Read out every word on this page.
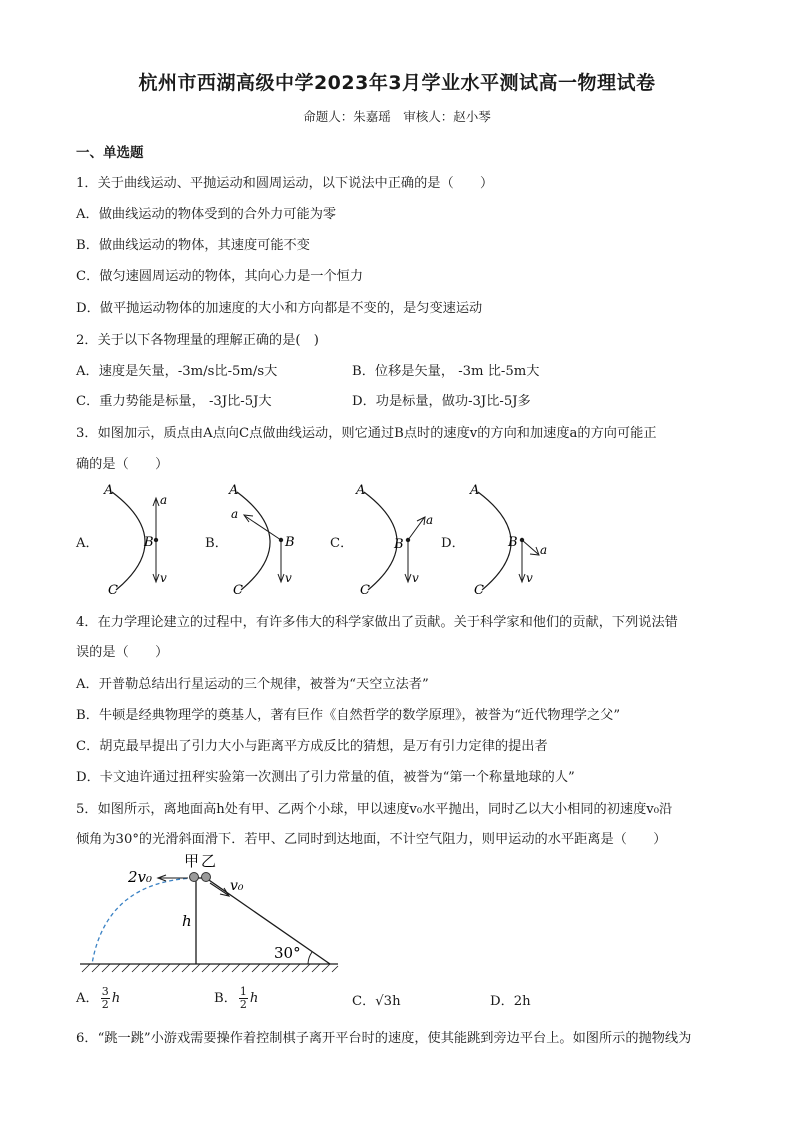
杭州市西湖高级中学2023年3月学业水平测试高一物理试卷
命题人：朱嘉瑶　审核人：赵小琴
一、单选题
1．关于曲线运动、平抛运动和圆周运动，以下说法中正确的是（　　）
A．做曲线运动的物体受到的合外力可能为零
B．做曲线运动的物体，其速度可能不变
C．做匀速圆周运动的物体，其向心力是一个恒力
D．做平抛运动物体的加速度的大小和方向都是不变的，是匀变速运动
2．关于以下各物理量的理解正确的是(　)
A．速度是矢量，-3m/s比-5m/s大	B．位移是矢量， -3m 比-5m大
C．重力势能是标量， -3J比-5J大	D．功是标量，做功-3J比-5J多
3．如图加示，质点由A点向C点做曲线运动，则它通过B点时的速度v的方向和加速度a的方向可能正
确的是（　　）
A．	B．	C．	D．
A
B
C
a
v
A
B
C
a
v
A
B
C
a
v
A
B
C
a
v
4．在力学理论建立的过程中，有许多伟大的科学家做出了贡献。关于科学家和他们的贡献，下列说法错
误的是（　　）
A．开普勒总结出行星运动的三个规律，被誉为“天空立法者”
B．牛顿是经典物理学的奠基人，著有巨作《自然哲学的数学原理》，被誉为“近代物理学之父”
C．胡克最早提出了引力大小与距离平方成反比的猜想，是万有引力定律的提出者
D．卡文迪许通过扭秤实验第一次测出了引力常量的值，被誉为“第一个称量地球的人”
5．如图所示，离地面高h处有甲、乙两个小球，甲以速度v₀水平抛出，同时乙以大小相同的初速度v₀沿
倾角为30°的光滑斜面滑下．若甲、乙同时到达地面，不计空气阻力，则甲运动的水平距离是（　　）
甲 乙
2v₀	v₀
h
30°
A． $\frac{3}{2}$ h	B． $\frac{1}{2}$ h	C．√3h	D．2h
6．“跳一跳”小游戏需要操作着控制棋子离开平台时的速度，使其能跳到旁边平台上。如图所示的抛物线为
